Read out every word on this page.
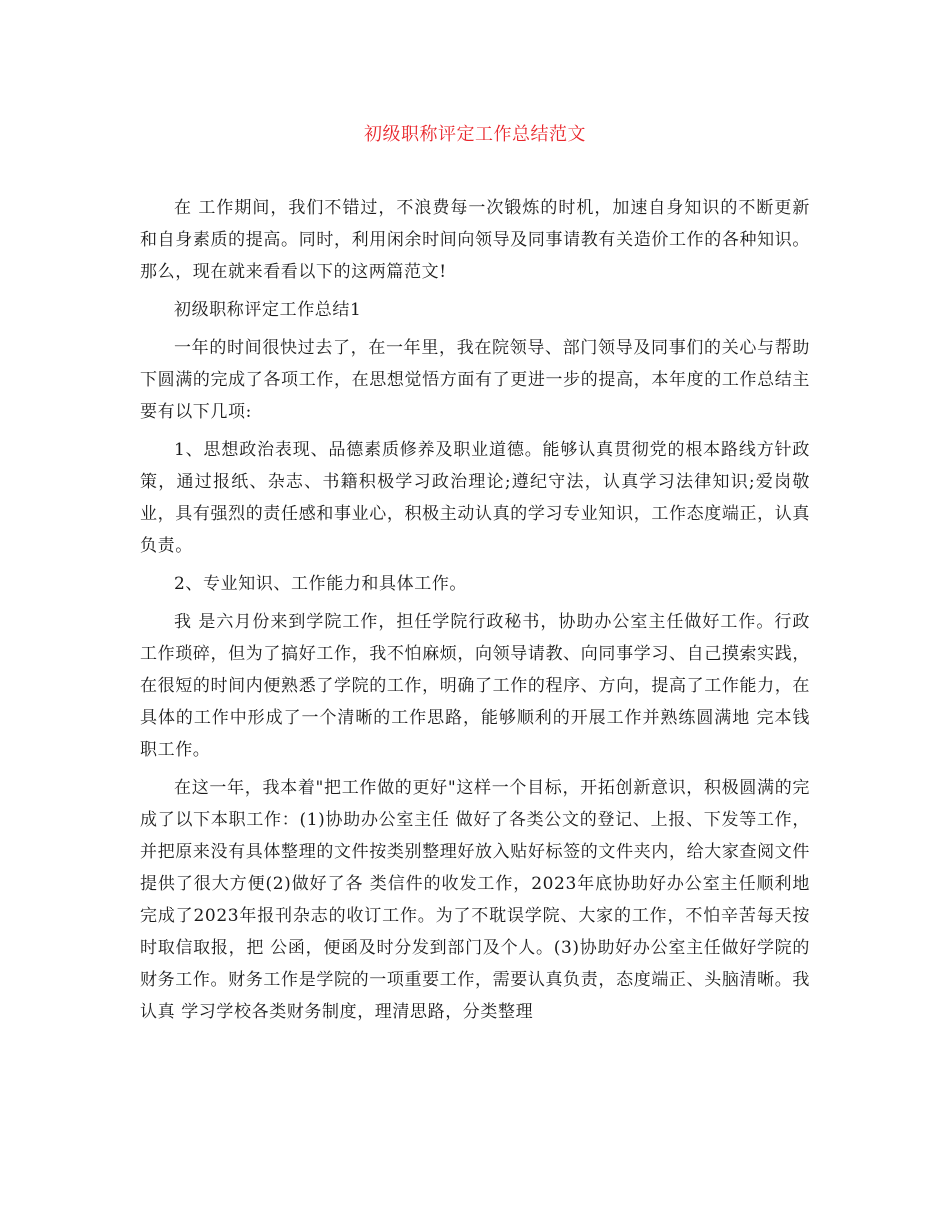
初级职称评定工作总结范文

在 工作期间，我们不错过，不浪费每一次锻炼的时机，加速自身知识的不断更新和自身素质的提高。同时，利用闲余时间向领导及同事请教有关造价工作的各种知识。那么，现在就来看看以下的这两篇范文!

初级职称评定工作总结1

一年的时间很快过去了，在一年里，我在院领导、部门领导及同事们的关心与帮助下圆满的完成了各项工作，在思想觉悟方面有了更进一步的提高，本年度的工作总结主要有以下几项:

1、思想政治表现、品德素质修养及职业道德。能够认真贯彻党的根本路线方针政策，通过报纸、杂志、书籍积极学习政治理论;遵纪守法，认真学习法律知识;爱岗敬业，具有强烈的责任感和事业心，积极主动认真的学习专业知识，工作态度端正，认真负责。

2、专业知识、工作能力和具体工作。

我 是六月份来到学院工作，担任学院行政秘书，协助办公室主任做好工作。行政工作琐碎，但为了搞好工作，我不怕麻烦，向领导请教、向同事学习、自己摸索实践， 在很短的时间内便熟悉了学院的工作，明确了工作的程序、方向，提高了工作能力，在具体的工作中形成了一个清晰的工作思路，能够顺利的开展工作并熟练圆满地 完本钱职工作。

在这一年，我本着"把工作做的更好"这样一个目标，开拓创新意识，积极圆满的完成了以下本职工作：(1)协助办公室主任 做好了各类公文的登记、上报、下发等工作，并把原来没有具体整理的文件按类别整理好放入贴好标签的文件夹内，给大家查阅文件提供了很大方便(2)做好了各 类信件的收发工作，2023年底协助好办公室主任顺利地完成了2023年报刊杂志的收订工作。为了不耽误学院、大家的工作，不怕辛苦每天按时取信取报，把 公函，便函及时分发到部门及个人。(3)协助好办公室主任做好学院的财务工作。财务工作是学院的一项重要工作，需要认真负责，态度端正、头脑清晰。我认真 学习学校各类财务制度，理清思路，分类整理
